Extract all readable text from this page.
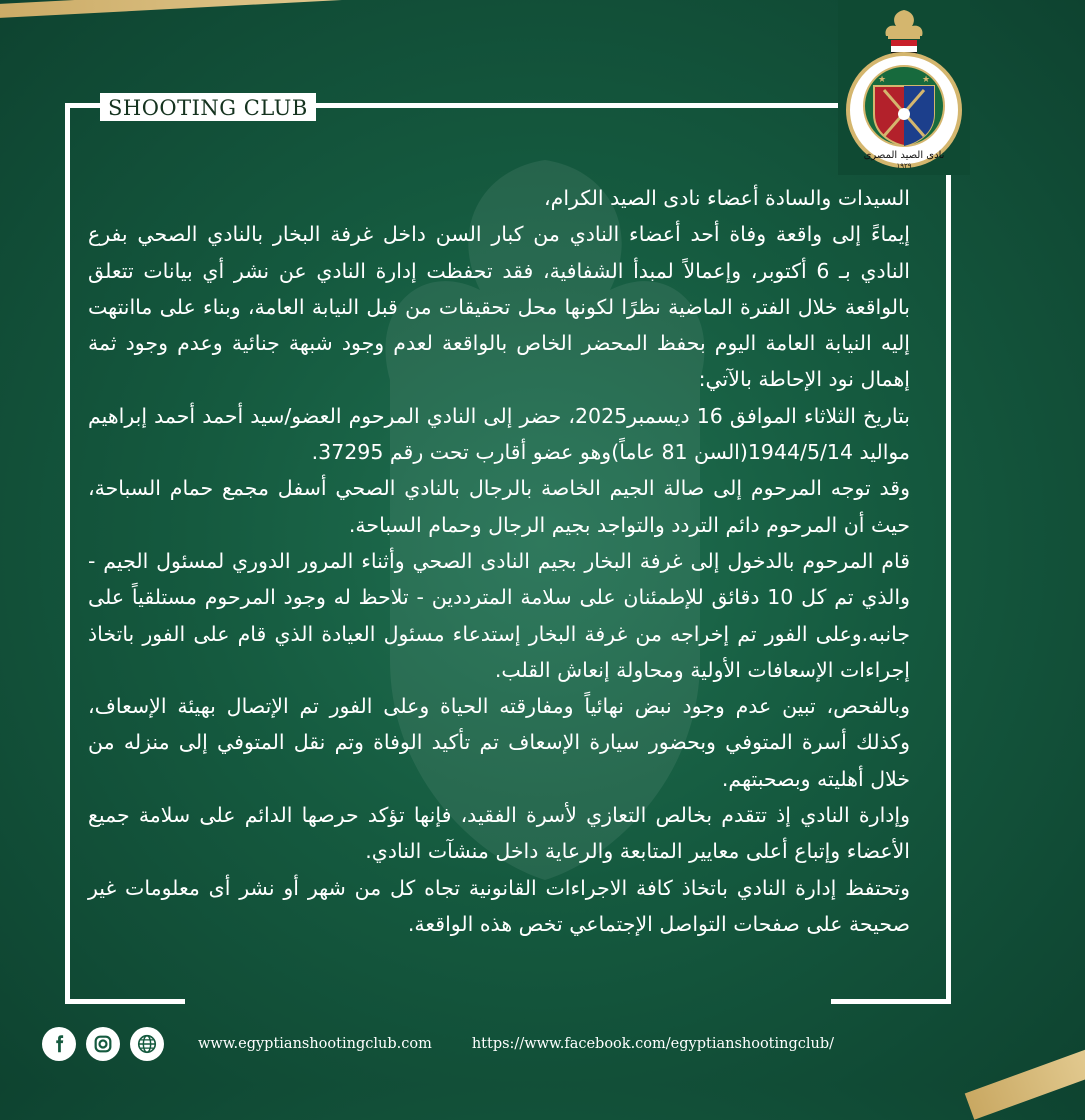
SHOOTING CLUB
★	★
نادى الصيد المصرى
١٩٢٩

السيدات والسادة أعضاء نادى الصيد الكرام،

إيماءً إلى واقعة وفاة أحد أعضاء النادي من كبار السن داخل غرفة البخار بالنادي الصحي بفرع النادي بـ 6 أكتوبر، وإعمالاً لمبدأ الشفافية، فقد تحفظت إدارة النادي عن نشر أي بيانات تتعلق بالواقعة خلال الفترة الماضية نظرًا لكونها محل تحقيقات من قبل النيابة العامة، وبناء على ماانتهت إليه النيابة العامة اليوم بحفظ المحضر الخاص بالواقعة لعدم وجود شبهة جنائية وعدم وجود ثمة إهمال نود الإحاطة بالآتي:

بتاريخ الثلاثاء الموافق 16 ديسمبر2025، حضر إلى النادي المرحوم العضو/سيد أحمد أحمد إبراهيم مواليد 1944/5/14(السن 81 عاماً)وهو عضو أقارب تحت رقم 37295.

وقد توجه المرحوم إلى صالة الجيم الخاصة بالرجال بالنادي الصحي أسفل مجمع حمام السباحة، حيث أن المرحوم دائم التردد والتواجد بجيم الرجال وحمام السباحة.

قام المرحوم بالدخول إلى غرفة البخار بجيم النادى الصحي وأثناء المرور الدوري لمسئول الجيم - والذي تم كل 10 دقائق للإطمئنان على سلامة المترددين - تلاحظ له وجود المرحوم مستلقياً على جانبه.وعلى الفور تم إخراجه من غرفة البخار إستدعاء مسئول العيادة الذي قام على الفور باتخاذ إجراءات الإسعافات الأولية ومحاولة إنعاش القلب.

وبالفحص، تبين عدم وجود نبض نهائياً ومفارقته الحياة وعلى الفور تم الإتصال بهيئة الإسعاف، وكذلك أسرة المتوفي وبحضور سيارة الإسعاف تم تأكيد الوفاة وتم نقل المتوفي إلى منزله من خلال أهليته وبصحبتهم.

وإدارة النادي إذ تتقدم بخالص التعازي لأسرة الفقيد، فإنها تؤكد حرصها الدائم على سلامة جميع الأعضاء وإتباع أعلى معايير المتابعة والرعاية داخل منشآت النادي.

وتحتفظ إدارة النادي باتخاذ كافة الاجراءات القانونية تجاه كل من شهر أو نشر أى معلومات غير صحيحة على صفحات التواصل الإجتماعي تخص هذه الواقعة.

www.egyptianshootingclub.com	https://www.facebook.com/egyptianshootingclub/
